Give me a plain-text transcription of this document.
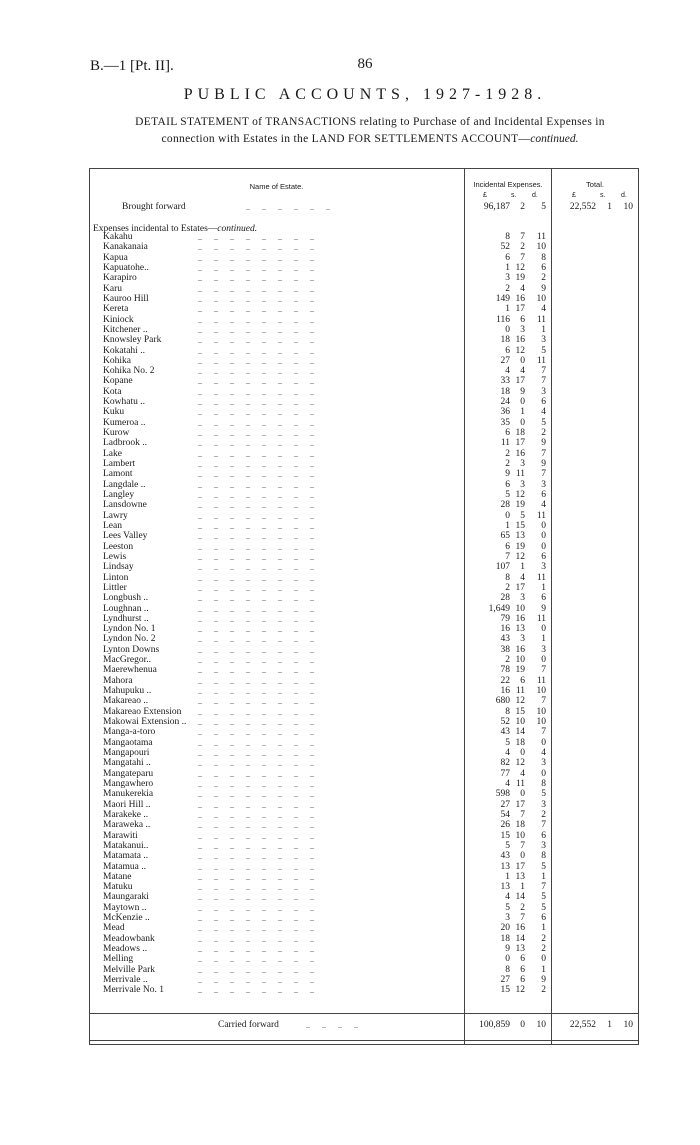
B.—1 [Pt. II].	86
PUBLIC ACCOUNTS, 1927-1928.
DETAIL STATEMENT of TRANSACTIONS relating to Purchase of and Incidental Expenses in
connection with Estates in the LAND FOR SETTLEMENTS ACCOUNT—continued.
Name of Estate.	Incidental Expenses.	Total.
£	s. d.	£	s. d.
Brought forward	..      ..      ..      ..      ..      ..	96,187	2	5	22,552	1	10
Expenses incidental to Estates—continued.
Kakahu	..      ..      ..      ..      ..      ..      ..      ..	8	7	11
Kanakanaia	..      ..      ..      ..      ..      ..      ..      ..	52	2	10
Kapua	..      ..      ..      ..      ..      ..      ..      ..	6	7	8
Kapuatohe..	..      ..      ..      ..      ..      ..      ..      ..	1 12	6
Karapiro	..      ..      ..      ..      ..      ..      ..      ..	3 19	2
Karu	..      ..      ..      ..      ..      ..      ..      ..	2	4	9
Kauroo Hill	..      ..      ..      ..      ..      ..      ..      ..	149 16	10
Kereta	..      ..      ..      ..      ..      ..      ..      ..	1 17	4
Kiniock	..      ..      ..      ..      ..      ..      ..      ..	116	6	11
Kitchener ..	..      ..      ..      ..      ..      ..      ..      ..	0	3	1
Knowsley Park	..      ..      ..      ..      ..      ..      ..      ..	18 16	3
Kokatahi ..	..      ..      ..      ..      ..      ..      ..      ..	6 12	5
Kohika	..      ..      ..      ..      ..      ..      ..      ..	27	0	11
Kohika No. 2	..      ..      ..      ..      ..      ..      ..      ..	4	4	7
Kopane	..      ..      ..      ..      ..      ..      ..      ..	33 17	7
Kota	..      ..      ..      ..      ..      ..      ..      ..	18	9	3
Kowhatu ..	..      ..      ..      ..      ..      ..      ..      ..	24	0	6
Kuku	..      ..      ..      ..      ..      ..      ..      ..	36	1	4
Kumeroa ..	..      ..      ..      ..      ..      ..      ..      ..	35	0	5
Kurow	..      ..      ..      ..      ..      ..      ..      ..	6 18	2
Ladbrook ..	..      ..      ..      ..      ..      ..      ..      ..	11 17	9
Lake	..      ..      ..      ..      ..      ..      ..      ..	2 16	7
Lambert	..      ..      ..      ..      ..      ..      ..      ..	2	3	9
Lamont	..      ..      ..      ..      ..      ..      ..      ..	9 11	7
Langdale ..	..      ..      ..      ..      ..      ..      ..      ..	6	3	3
Langley	..      ..      ..      ..      ..      ..      ..      ..	5 12	6
Lansdowne	..      ..      ..      ..      ..      ..      ..      ..	28 19	4
Lawry	..      ..      ..      ..      ..      ..      ..      ..	0	5	11
Lean	..      ..      ..      ..      ..      ..      ..      ..	1 15	0
Lees Valley	..      ..      ..      ..      ..      ..      ..      ..	65 13	0
Leeston	..      ..      ..      ..      ..      ..      ..      ..	6 19	0
Lewis	..      ..      ..      ..      ..      ..      ..      ..	7 12	6
Lindsay	..      ..      ..      ..      ..      ..      ..      ..	107	1	3
Linton	..      ..      ..      ..      ..      ..      ..      ..	8	4	11
Littler	..      ..      ..      ..      ..      ..      ..      ..	2 17	1
Longbush ..	..      ..      ..      ..      ..      ..      ..      ..	28	3	6
Loughnan ..	..      ..      ..      ..      ..      ..      ..      ..	1,649 10	9
Lyndhurst ..	..      ..      ..      ..      ..      ..      ..      ..	79 16	11
Lyndon No. 1	..      ..      ..      ..      ..      ..      ..      ..	16 13	0
Lyndon No. 2	..      ..      ..      ..      ..      ..      ..      ..	43	3	1
Lynton Downs	..      ..      ..      ..      ..      ..      ..      ..	38 16	3
MacGregor..	..      ..      ..      ..      ..      ..      ..      ..	2 10	0
Maerewhenua	..      ..      ..      ..      ..      ..      ..      ..	78 19	7
Mahora	..      ..      ..      ..      ..      ..      ..      ..	22	6	11
Mahupuku ..	..      ..      ..      ..      ..      ..      ..      ..	16 11	10
Makareao ..	..      ..      ..      ..      ..      ..      ..      ..	680 12	7
Makareao Extension ..      ..      ..      ..      ..      ..      ..      ..	8 15	10
Makowai Extension .. ..      ..      ..      ..      ..      ..      ..      ..	52 10	10
Manga-a-toro	..      ..      ..      ..      ..      ..      ..      ..	43 14	7
Mangaotama	..      ..      ..      ..      ..      ..      ..      ..	5 18	0
Mangapouri	..      ..      ..      ..      ..      ..      ..      ..	4	0	4
Mangatahi ..	..      ..      ..      ..      ..      ..      ..      ..	82 12	3
Mangateparu	..      ..      ..      ..      ..      ..      ..      ..	77	4	0
Mangawhero	..      ..      ..      ..      ..      ..      ..      ..	4 11	8
Manukerekia	..      ..      ..      ..      ..      ..      ..      ..	598	0	5
Maori Hill ..	..      ..      ..      ..      ..      ..      ..      ..	27 17	3
Marakeke ..	..      ..      ..      ..      ..      ..      ..      ..	54	7	2
Maraweka ..	..      ..      ..      ..      ..      ..      ..      ..	26 18	7
Marawiti	..      ..      ..      ..      ..      ..      ..      ..	15 10	6
Matakanui..	..      ..      ..      ..      ..      ..      ..      ..	5	7	3
Matamata ..	..      ..      ..      ..      ..      ..      ..      ..	43	0	8
Matamua ..	..      ..      ..      ..      ..      ..      ..      ..	13 17	5
Matane	..      ..      ..      ..      ..      ..      ..      ..	1 13	1
Matuku	..      ..      ..      ..      ..      ..      ..      ..	13	1	7
Maungaraki	..      ..      ..      ..      ..      ..      ..      ..	4 14	5
Maytown ..	..      ..      ..      ..      ..      ..      ..      ..	5	2	5
McKenzie ..	..      ..      ..      ..      ..      ..      ..      ..	3	7	6
Mead	..      ..      ..      ..      ..      ..      ..      ..	20 16	1
Meadowbank	..      ..      ..      ..      ..      ..      ..      ..	18 14	2
Meadows ..	..      ..      ..      ..      ..      ..      ..      ..	9 13	2
Melling	..      ..      ..      ..      ..      ..      ..      ..	0	6	0
Melville Park	..      ..      ..      ..      ..      ..      ..      ..	8	6	1
Merrivale ..	..      ..      ..      ..      ..      ..      ..      ..	27	6	9
Merrivale No. 1	..      ..      ..      ..      ..      ..      ..      ..	15 12	2
Carried forward	..      ..      ..      ..	100,859	0	10	22,552	1	10
